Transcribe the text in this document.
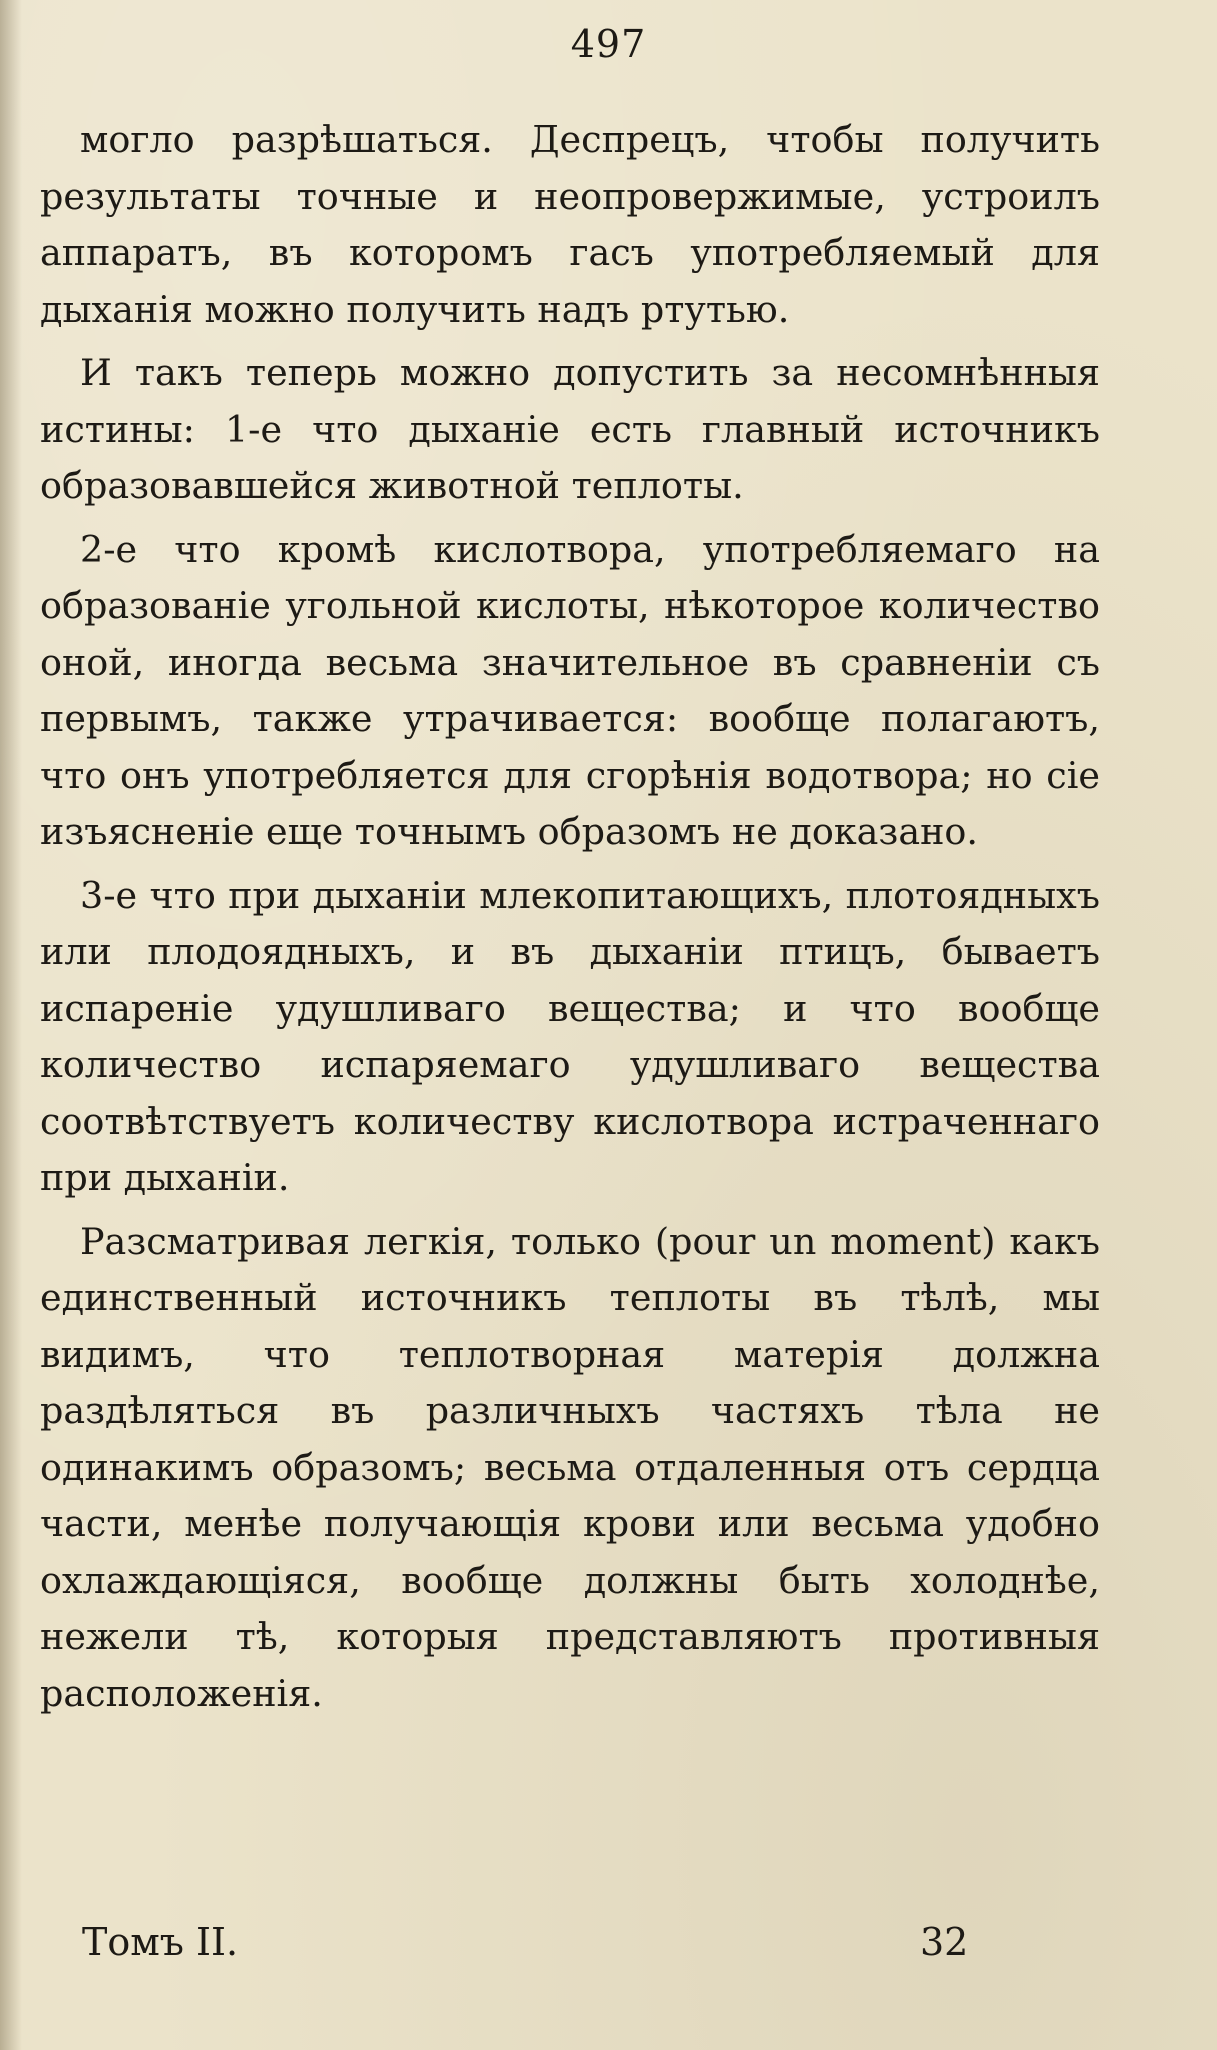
497

могло разрѣшаться. Деспрецъ, чтобы получить результаты точные и неопровержимые, устроилъ аппаратъ, въ которомъ гасъ употребляемый для дыханія можно получить надъ ртутью.

И такъ теперь можно допустить за несомнѣнныя истины: 1-е что дыханіе есть главный источникъ образовавшейся животной теплоты.

2-е что кромѣ кислотвора, употребляемаго на образованіе угольной кислоты, нѣкоторое количество оной, иногда весьма значительное въ сравненіи съ первымъ, также утрачивается: вообще полагаютъ, что онъ употребляется для сгорѣнія водотвора; но сіе изъясненіе еще точнымъ образомъ не доказано.

3-е что при дыханіи млекопитающихъ, плотоядныхъ или плодоядныхъ, и въ дыханіи птицъ, бываетъ испареніе удушливаго вещества; и что вообще количество испаряемаго удушливаго вещества соотвѣтствуетъ количеству кислотвора истраченнаго при дыханіи.

Разсматривая легкія, только (pour un moment) какъ единственный источникъ теплоты въ тѣлѣ, мы видимъ, что теплотворная матерія должна раздѣляться въ различныхъ частяхъ тѣла не одинакимъ образомъ; весьма отдаленныя отъ сердца части, менѣе получающія крови или весьма удобно охлаждающіяся, вообще должны быть холоднѣе, нежели тѣ, которыя представляютъ противныя расположенія.

Томъ II.	32
